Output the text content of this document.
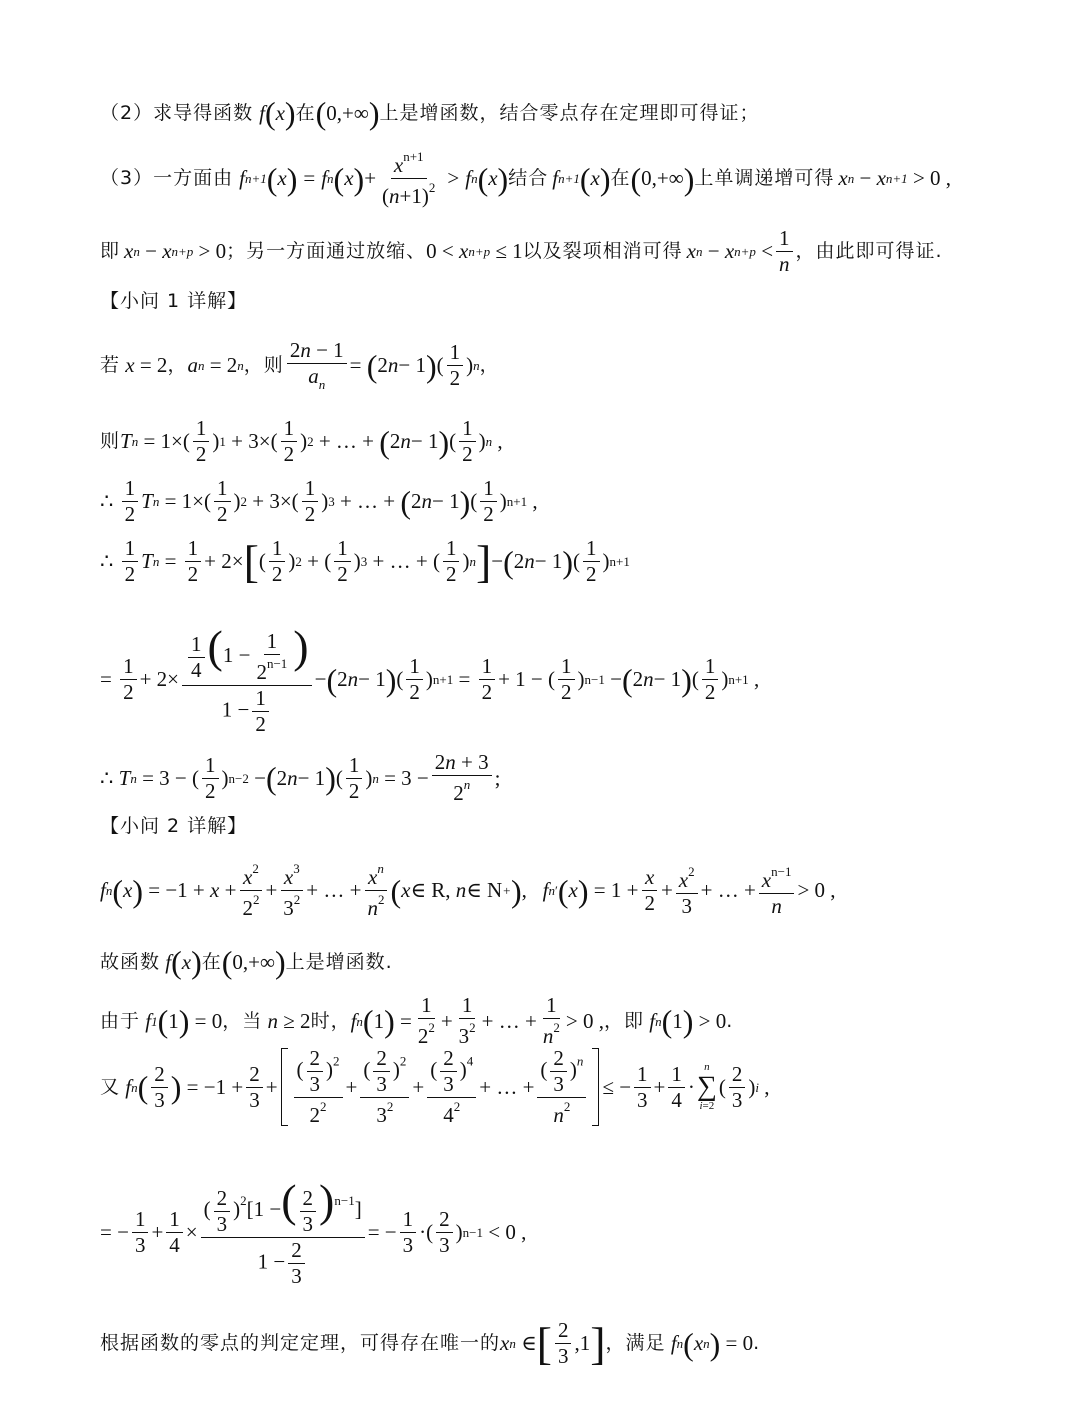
（2）求导得函数 f ( x ) 在 ( 0,+∞ ) 上是增函数，结合零点存在定理即可得证；
（3）一方面由 f n+1 ( x ) = f n ( x ) + $\frac{x^{n+1}}{(n+1)^2} > f$ n ( x ) 结合 f n+1 ( x ) 在 ( 0,+∞ ) 上单调递增可得 x n − x n+1 > 0 ,
即 x n − x n+p > 0 ；另一方面通过放缩、 0 < x n+p ≤ 1 以及裂项相消可得 x n − x $n+p < \frac{1}{n}$ ，由此即可得证.
【小问 1 详解】
若 x = 2 ， a n = 2 n ，则 $\frac{2n - 1}{a_n}$ = ( 2 n − 1 ) ( $\frac{1}{2}$ ) n ，
则 T $n = 1\times( \frac{1}{2}$ ) $1 + 3\times( \frac{1}{2}$ ) 2 + … + ( 2 n − 1 ) ( $\frac{1}{2}$ ) n ,
∴ $\frac{1}{2}$ T $n = 1\times( \frac{1}{2}$ ) $2 + 3\times( \frac{1}{2}$ ) 3 + … + ( 2 n − 1 ) ( $\frac{1}{2}$ ) n+1 ,
∴ $\frac{1}{2}$ T $n = \frac{1}{2} + 2\times$ [ ( $\frac{1}{2}$ ) 2 + ( $\frac{1}{2}$ ) 3 + … + ( $\frac{1}{2}$ ) n ] − ( 2 n − 1 ) ( $\frac{1}{2}$ ) n+1
= $\frac{1}{2} + 2\times \frac{\frac{1}{4} (1 - \frac{1}{2^{n-1}} )}{1 - \frac{1}{2}}$ − ( 2 n − 1 ) ( $\frac{1}{2}$ ) $n+1 = \frac{1}{2} + 1$ − ( $\frac{1}{2}$ ) n−1 − ( 2 n − 1 ) ( $\frac{1}{2}$ ) n+1 ,
∴ T n = 3 − ( $\frac{1}{2}$ ) n−2 − ( 2 n − 1 ) ( $\frac{1}{2}$ ) $n = 3 - \frac{2n + 3}{2^n}$ ;
【小问 2 详解】
f n ( x ) = $-1 + x + \frac{x^2}{2^2} + \frac{x^3}{3^2}$ + … + $\frac{x^n}{n^2}$ ( x ∈ R, n ∈ N + ) , f n ′ ( x ) = $1 + \frac{x}{2} + \frac{x^2}{3}$ + … + $\frac{x^{n-1}}{n} > 0$ ,
故函数 f ( x ) 在 ( 0,+∞ ) 上是增函数.
由于 f 1 ( 1 ) = 0 ，当 n ≥ 2 时， f n ( 1 ) = $\frac{1}{2^2} + \frac{1}{3^2}$ + … + $\frac{1}{n^2} > 0$ , ，即 f n ( 1 ) > 0 .
又 f n ( $\frac{2}{3}$ ) = $-1 + \frac{2}{3} + \frac{( \frac{2}{3} )^2}{2^2} + \frac{( \frac{2}{3} )^2}{3^2} + \frac{( \frac{2}{3} )^4}{4^2}$ + … + $\frac{( \frac{2}{3} )^n}{n^2}$ ≤ − $\frac{1}{3} + \frac{1}{4}$ ·
n
∑
i=2
( $\frac{2}{3}$ ) i ,
= − $\frac{1}{3} + \frac{1}{4} \times \frac{( \frac{2}{3} )^2[1 -( \frac{2}{3} )^{n-1}]}{1 - \frac{2}{3}}$ = − $\frac{1}{3}$ ·( $\frac{2}{3}$ ) n−1 < 0 ,
根据函数的零点的判定定理，可得存在唯一的 x n ∈ [ $\frac{2}{3} ,1$ ] ，满足 f n ( x n ) = 0 .
